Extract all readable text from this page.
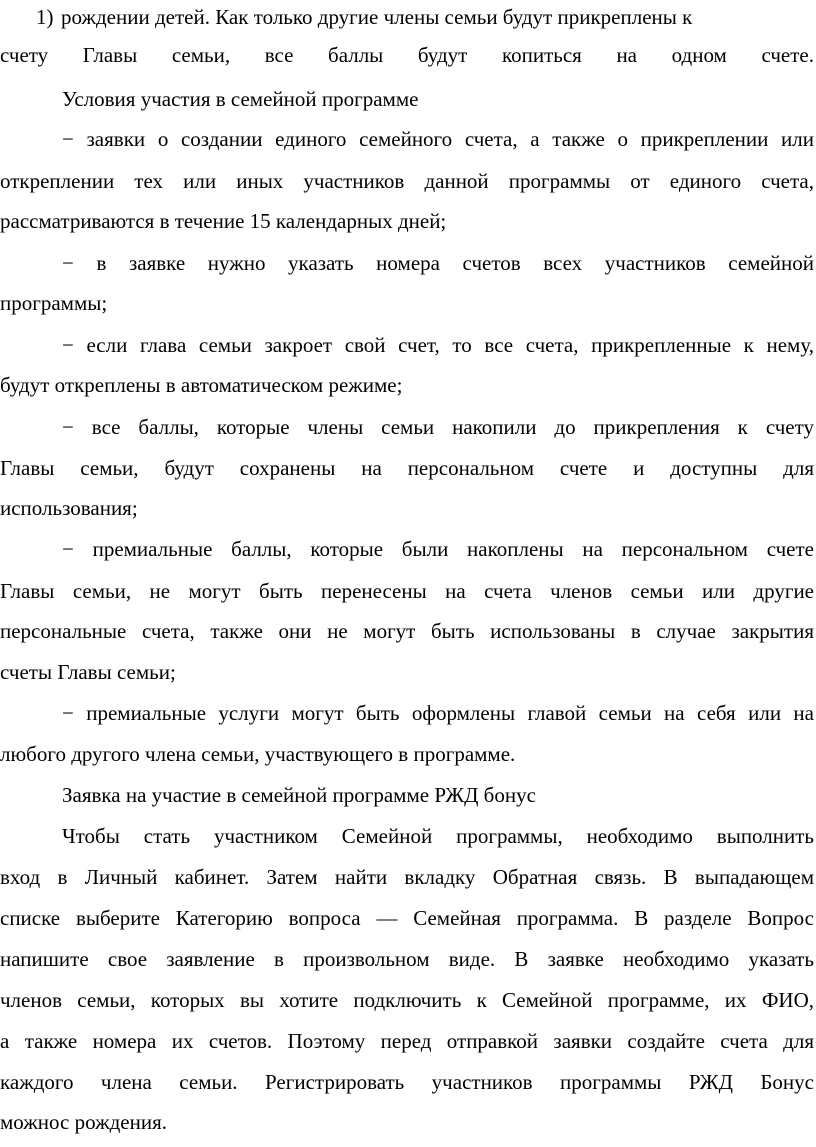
1) рождении детей. Как только другие члены семьи будут прикреплены к
счету Главы семьи, все баллы будут копиться на одном счете.
Условия участия в семейной программе
− заявки о создании единого семейного счета, а также о прикреплении или
откреплении тех или иных участников данной программы от единого счета,
рассматриваются в течение 15 календарных дней;
− в заявке нужно указать номера счетов всех участников семейной
программы;
− если глава семьи закроет свой счет, то все счета, прикрепленные к нему,
будут откреплены в автоматическом режиме;
− все баллы, которые члены семьи накопили до прикрепления к счету
Главы семьи, будут сохранены на персональном счете и доступны для
использования;
− премиальные баллы, которые были накоплены на персональном счете
Главы семьи, не могут быть перенесены на счета членов семьи или другие
персональные счета, также они не могут быть использованы в случае закрытия
счеты Главы семьи;
− премиальные услуги могут быть оформлены главой семьи на себя или на
любого другого члена семьи, участвующего в программе.
Заявка на участие в семейной программе РЖД бонус
Чтобы стать участником Семейной программы, необходимо выполнить
вход в Личный кабинет. Затем найти вкладку Обратная связь. В выпадающем
списке выберите Категорию вопроса — Семейная программа. В разделе Вопрос
напишите свое заявление в произвольном виде. В заявке необходимо указать
членов семьи, которых вы хотите подключить к Семейной программе, их ФИО,
а также номера их счетов. Поэтому перед отправкой заявки создайте счета для
каждого члена семьи. Регистрировать участников программы РЖД Бонус
можнос рождения.
